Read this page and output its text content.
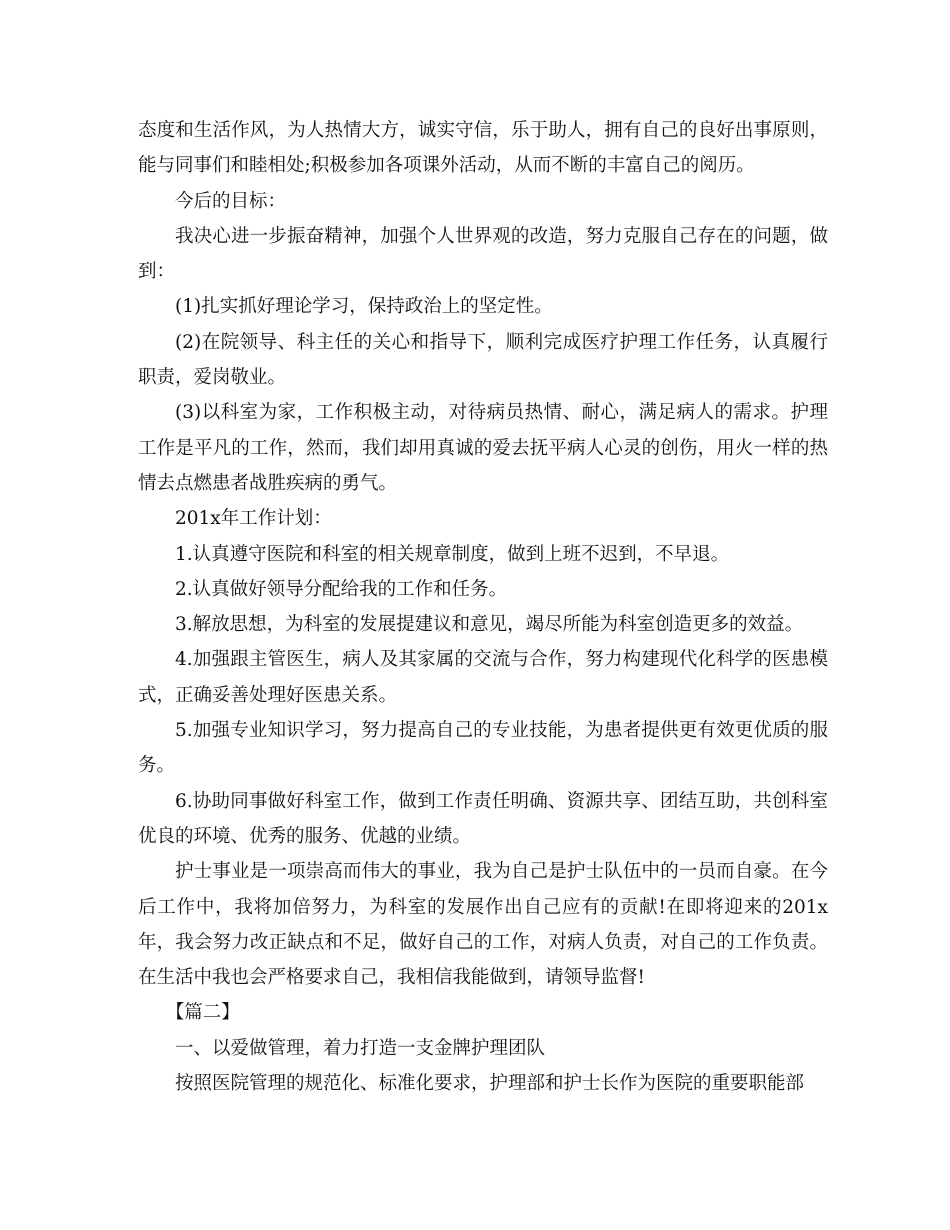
态度和生活作风，为人热情大方，诚实守信，乐于助人，拥有自己的良好出事原则，能与同事们和睦相处;积极参加各项课外活动，从而不断的丰富自己的阅历。

今后的目标：

我决心进一步振奋精神，加强个人世界观的改造，努力克服自己存在的问题，做到：

(1)扎实抓好理论学习，保持政治上的坚定性。

(2)在院领导、科主任的关心和指导下，顺利完成医疗护理工作任务，认真履行职责，爱岗敬业。

(3)以科室为家，工作积极主动，对待病员热情、耐心，满足病人的需求。护理工作是平凡的工作，然而，我们却用真诚的爱去抚平病人心灵的创伤，用火一样的热情去点燃患者战胜疾病的勇气。

201x年工作计划：

1.认真遵守医院和科室的相关规章制度，做到上班不迟到，不早退。

2.认真做好领导分配给我的工作和任务。

3.解放思想，为科室的发展提建议和意见，竭尽所能为科室创造更多的效益。

4.加强跟主管医生，病人及其家属的交流与合作，努力构建现代化科学的医患模式，正确妥善处理好医患关系。

5.加强专业知识学习，努力提高自己的专业技能，为患者提供更有效更优质的服务。

6.协助同事做好科室工作，做到工作责任明确、资源共享、团结互助，共创科室优良的环境、优秀的服务、优越的业绩。

护士事业是一项崇高而伟大的事业，我为自己是护士队伍中的一员而自豪。在今后工作中，我将加倍努力，为科室的发展作出自己应有的贡献!在即将迎来的201x年，我会努力改正缺点和不足，做好自己的工作，对病人负责，对自己的工作负责。在生活中我也会严格要求自己，我相信我能做到，请领导监督!

【篇二】

一、以爱做管理，着力打造一支金牌护理团队

按照医院管理的规范化、标准化要求，护理部和护士长作为医院的重要职能部
